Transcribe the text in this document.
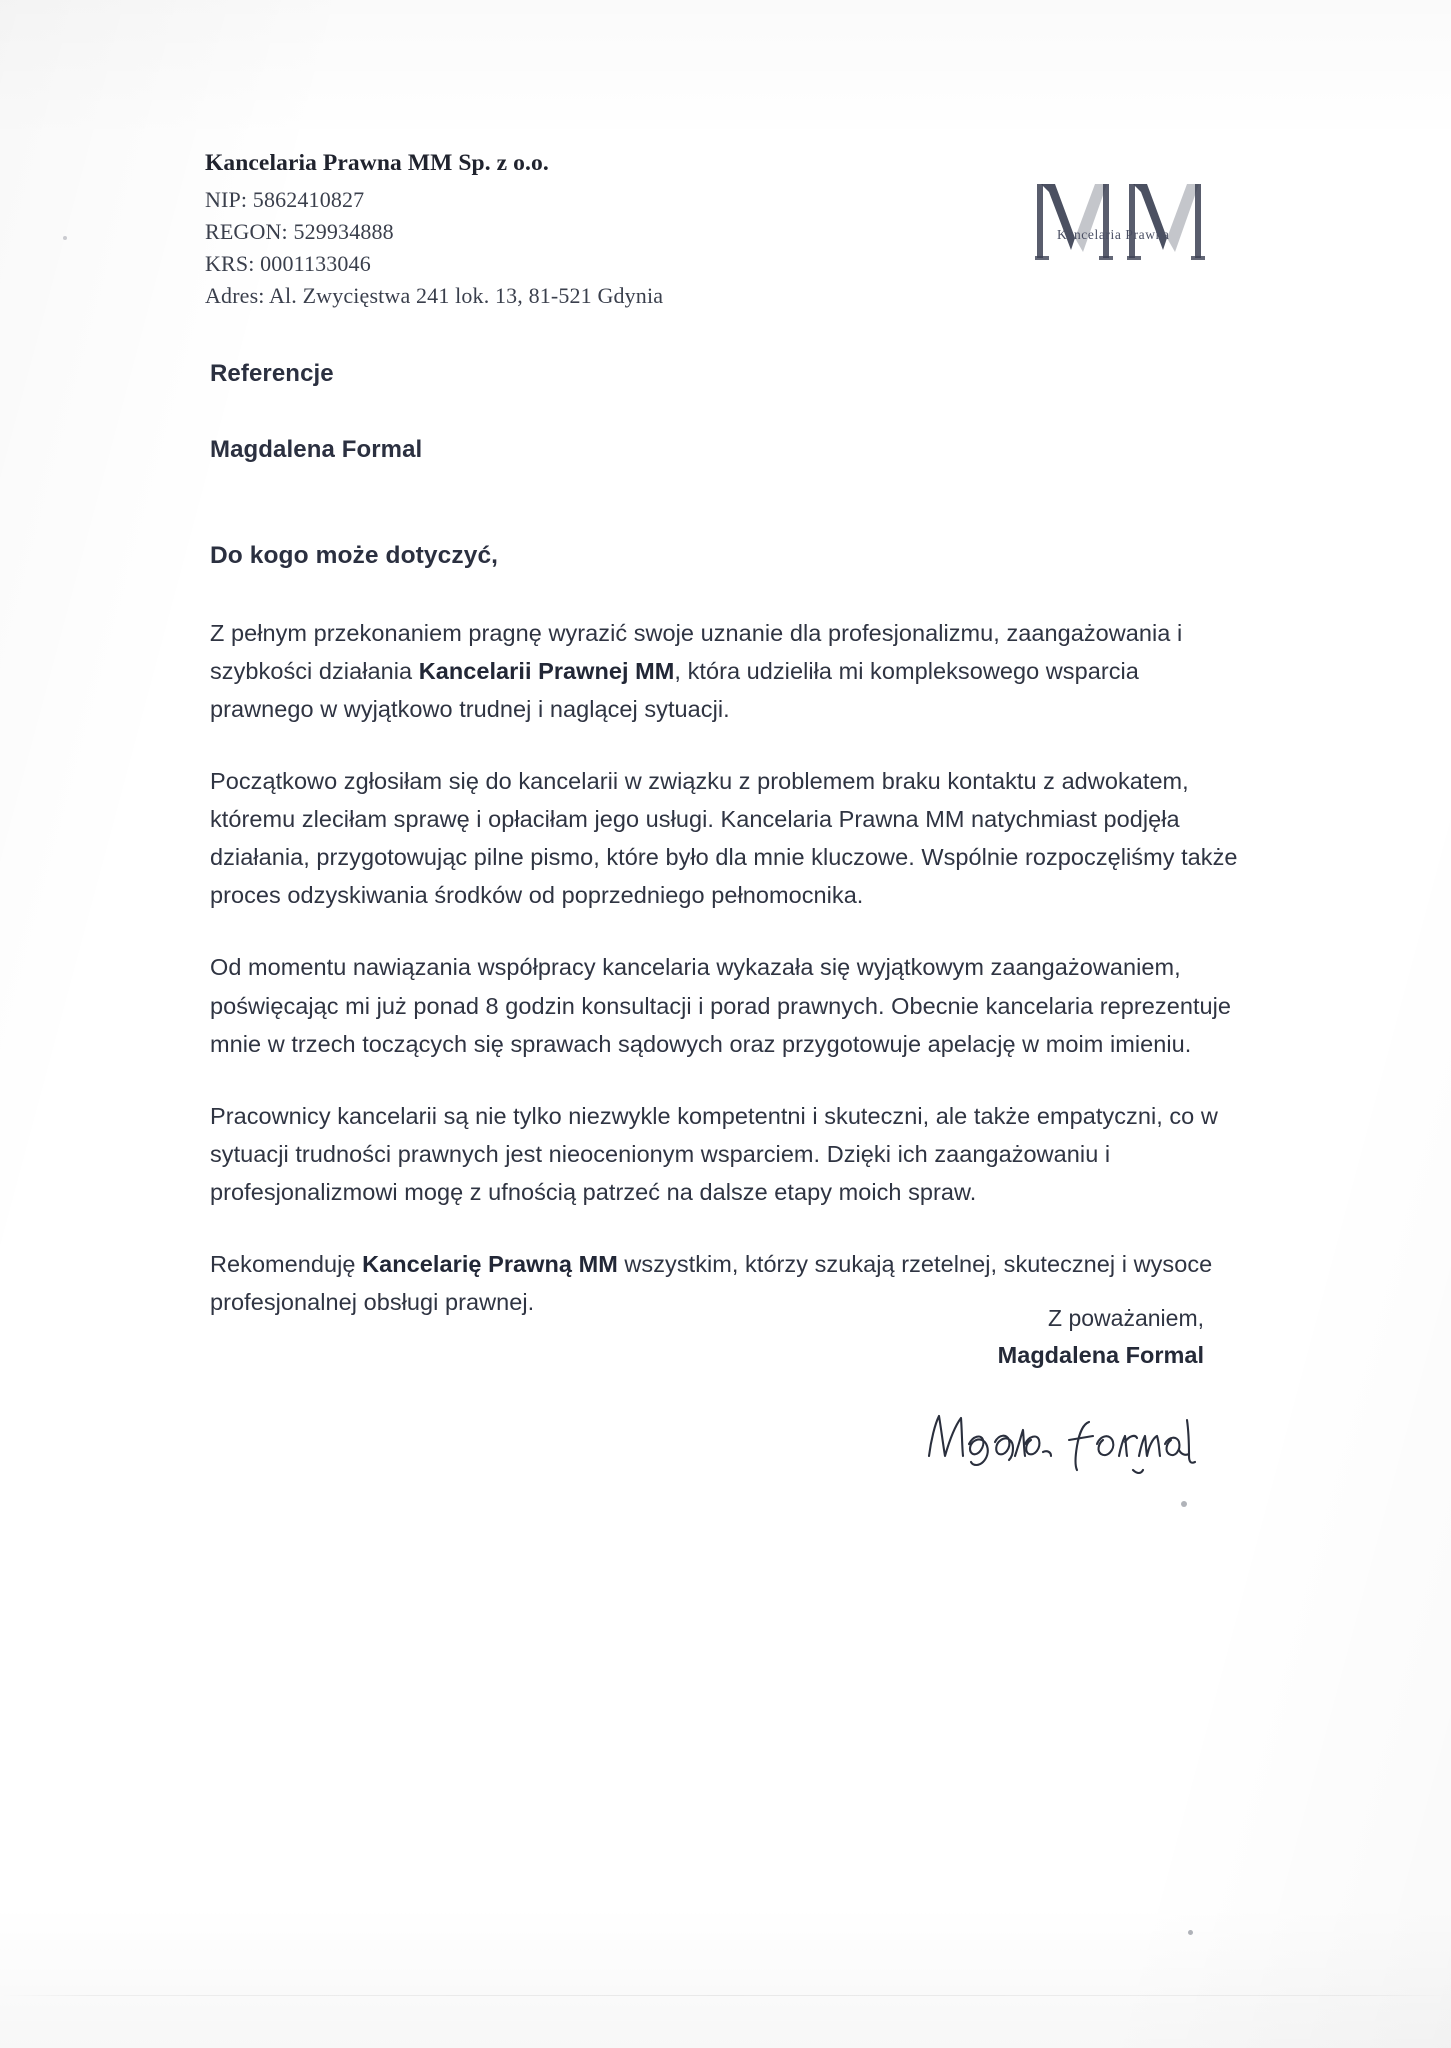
Kancelaria Prawna MM Sp. z o.o.
NIP: 5862410827
REGON: 529934888
KRS: 0001133046
Adres: Al. Zwycięstwa 241 lok. 13, 81-521 Gdynia
Kancelaria Prawna
Referencje
Magdalena Formal
Do kogo może dotyczyć,

Z pełnym przekonaniem pragnę wyrazić swoje uznanie dla profesjonalizmu, zaangażowania i szybkości działania Kancelarii Prawnej MM, która udzieliła mi kompleksowego wsparcia prawnego w wyjątkowo trudnej i naglącej sytuacji.

Początkowo zgłosiłam się do kancelarii w związku z problemem braku kontaktu z adwokatem, któremu zleciłam sprawę i opłaciłam jego usługi. Kancelaria Prawna MM natychmiast podjęła działania, przygotowując pilne pismo, które było dla mnie kluczowe. Wspólnie rozpoczęliśmy także proces odzyskiwania środków od poprzedniego pełnomocnika.

Od momentu nawiązania współpracy kancelaria wykazała się wyjątkowym zaangażowaniem, poświęcając mi już ponad 8 godzin konsultacji i porad prawnych. Obecnie kancelaria reprezentuje mnie w trzech toczących się sprawach sądowych oraz przygotowuje apelację w moim imieniu.

Pracownicy kancelarii są nie tylko niezwykle kompetentni i skuteczni, ale także empatyczni, co w sytuacji trudności prawnych jest nieocenionym wsparciem. Dzięki ich zaangażowaniu i profesjonalizmowi mogę z ufnością patrzeć na dalsze etapy moich spraw.

Rekomenduję Kancelarię Prawną MM wszystkim, którzy szukają rzetelnej, skutecznej i wysoce profesjonalnej obsługi prawnej.

Z poważaniem,
Magdalena Formal
